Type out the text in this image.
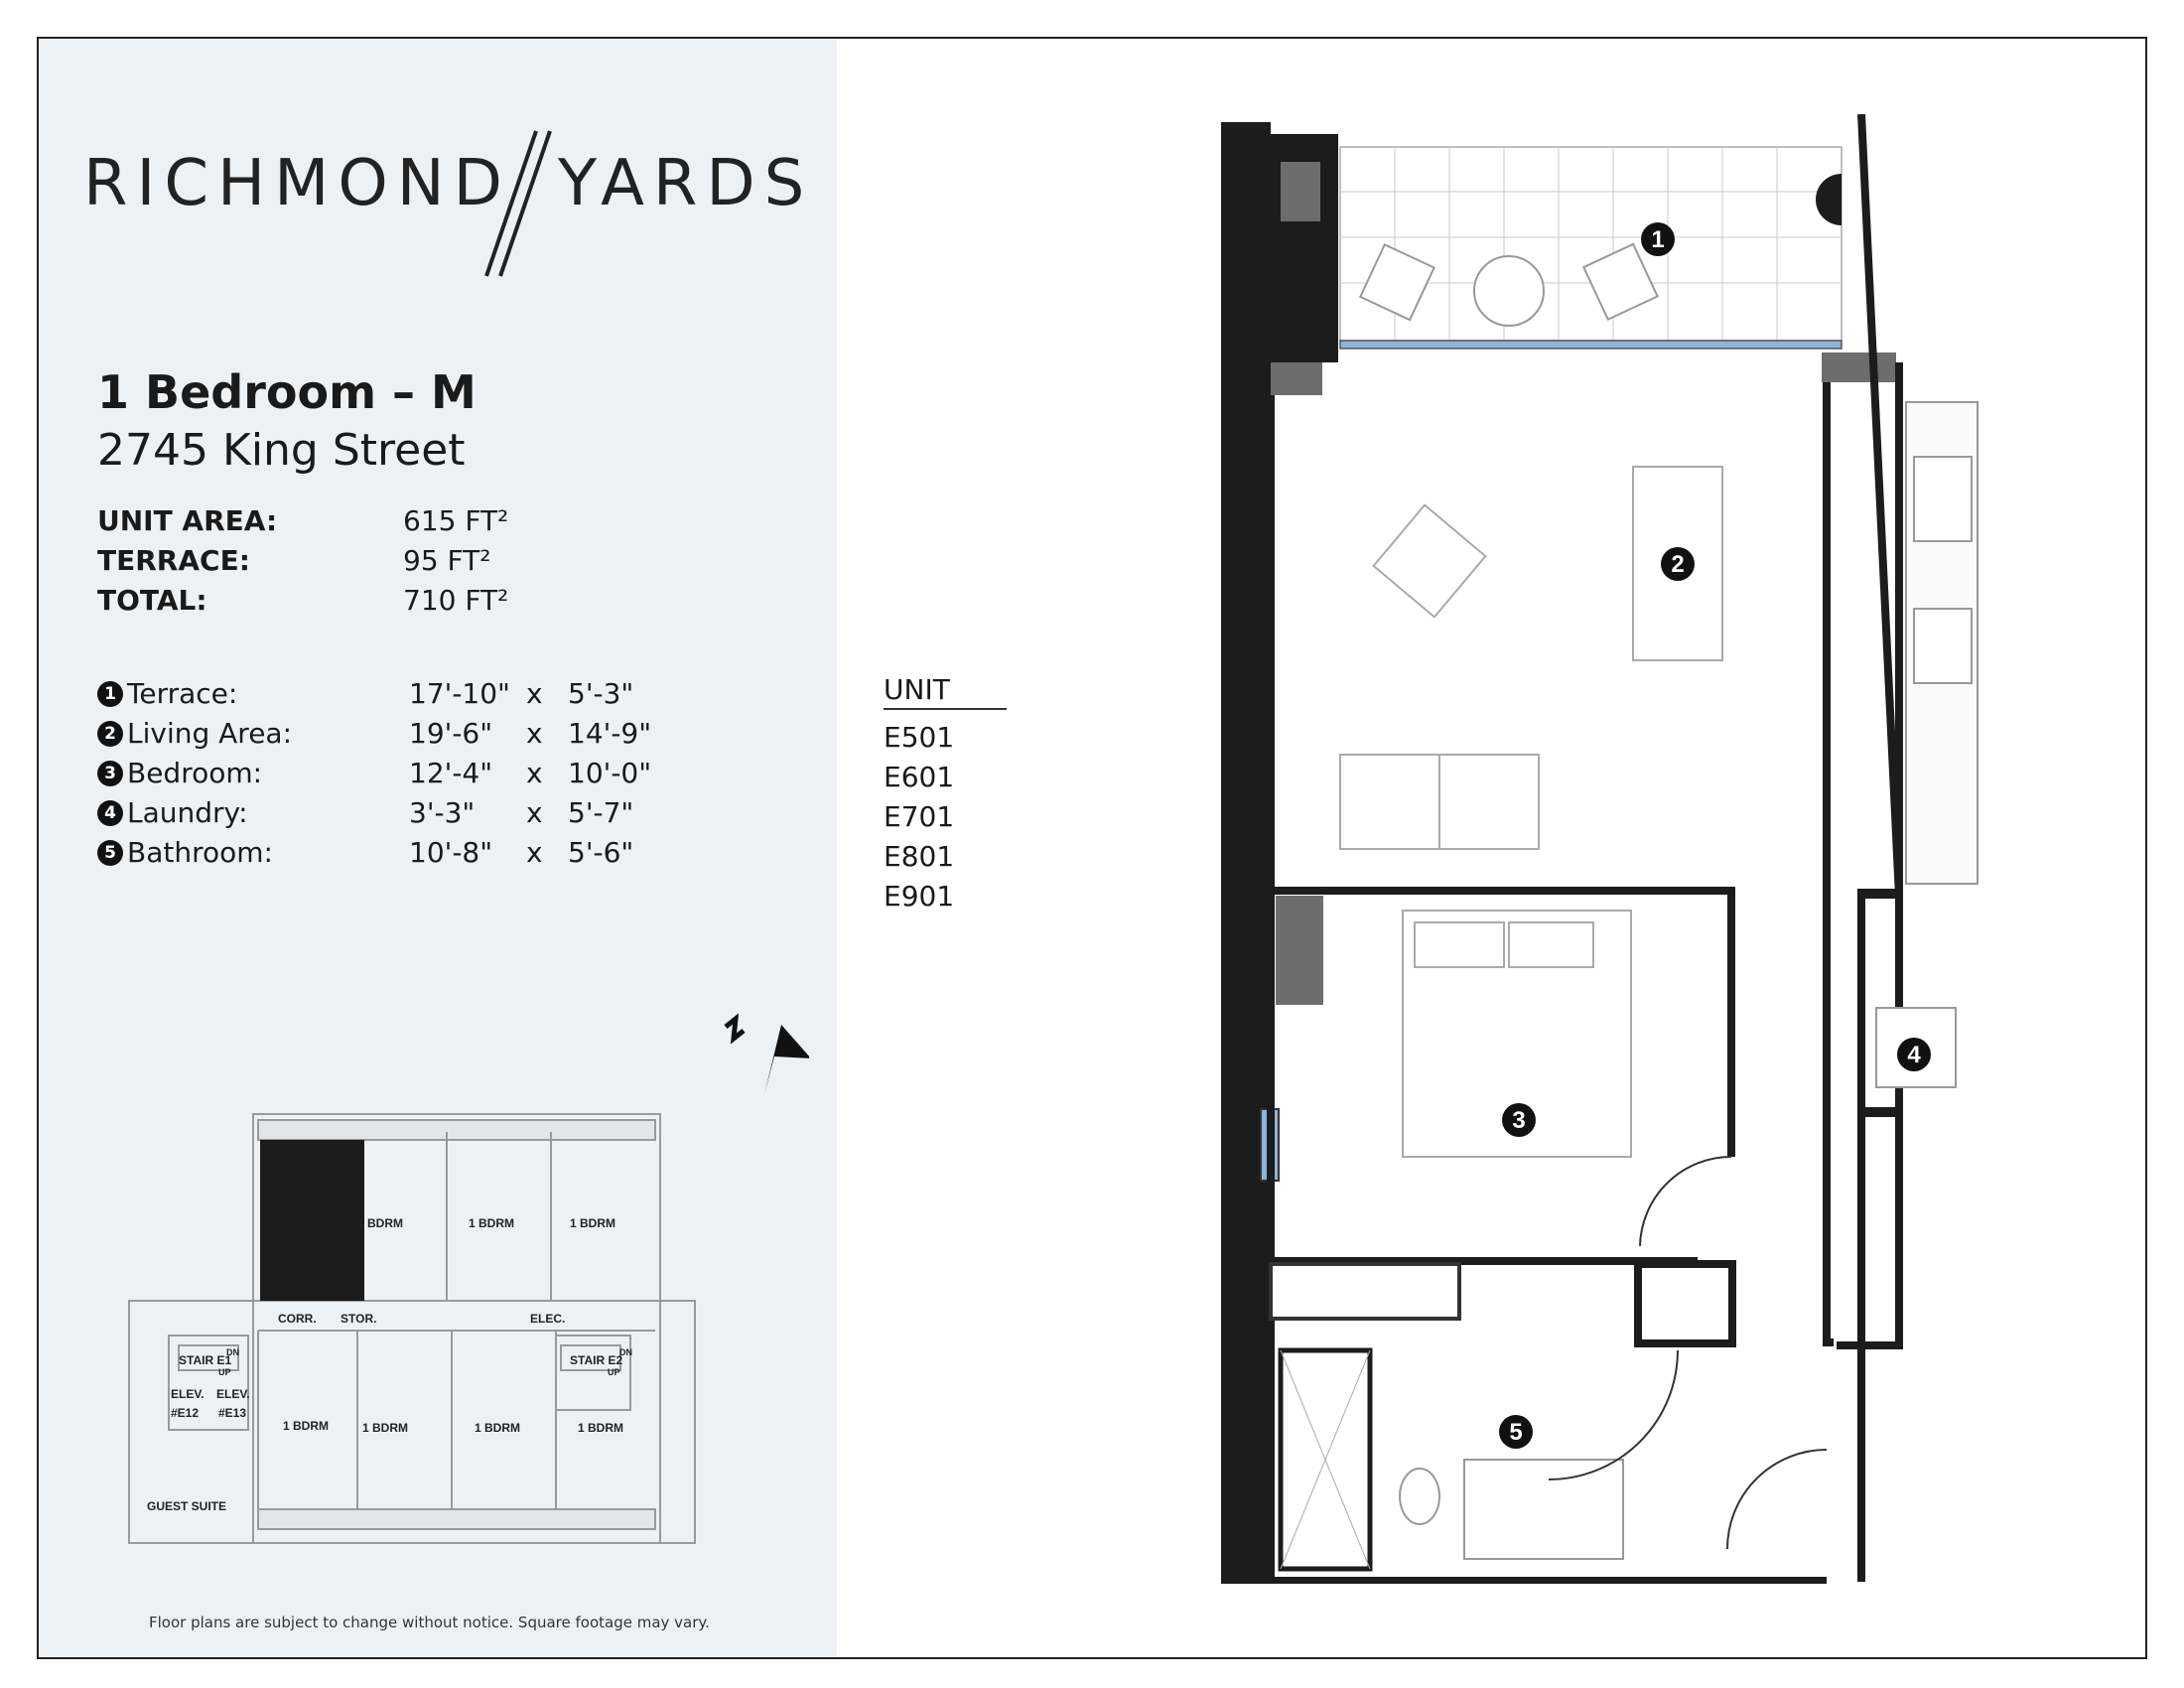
RICHMOND YARDS
1 Bedroom – M
2745 King Street
UNIT AREA:	615 FT²
TERRACE:	95 FT²
TOTAL:	710 FT²
1 Terrace:	17'-10" x 5'-3"
2 Living Area:	19'-6" x 14'-9"
3 Bedroom:	12'-4" x 10'-0"
4 Laundry:	3'-3" x 5'-7"
5 Bathroom:	10'-8" x 5'-6"
UNIT
E501
E601
E701
E801
E901
1 BDRM	1 BDRM	1 BDRM
CORR. STOR.	ELEC.
STAIR E1	STAIR E2
DN	DN
UP	UP
ELEV. ELEV.
#E12 #E13
1 BDRM	1 BDRM	1 BDRM	1 BDRM
GUEST SUITE
Floor plans are subject to change without notice. Square footage may vary.
1
2
3
4
5
